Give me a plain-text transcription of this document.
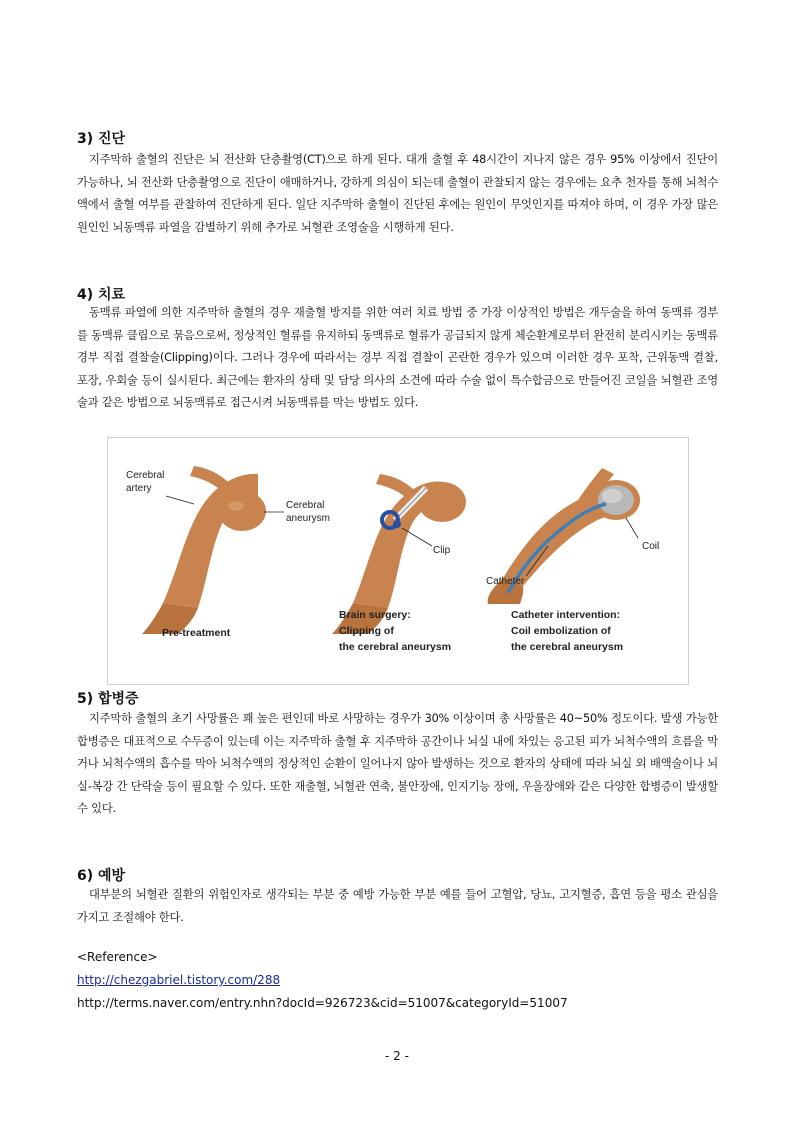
3) 진단

지주막하 출혈의 진단은 뇌 전산화 단층촬영(CT)으로 하게 된다. 대개 출혈 후 48시간이 지나지 않은 경우 95% 이상에서 진단이 가능하나, 뇌 전산화 단층촬영으로 진단이 애매하거나, 강하게 의심이 되는데 출혈이 관찰되지 않는 경우에는 요추 천자를 통해 뇌척수액에서 출혈 여부를 관찰하여 진단하게 된다. 일단 지주막하 출혈이 진단된 후에는 원인이 무엇인지를 따져야 하며, 이 경우 가장 많은 원인인 뇌동맥류 파열을 감별하기 위해 추가로 뇌혈관 조영술을 시행하게 된다.

4) 치료

동맥류 파열에 의한 지주막하 출혈의 경우 재출혈 방지를 위한 여러 치료 방법 중 가장 이상적인 방법은 개두술을 하여 동맥류 경부를 동맥류 클립으로 묶음으로써, 정상적인 혈류를 유지하되 동맥류로 혈류가 공급되지 않게 체순환계로부터 완전히 분리시키는 동맥류 경부 직접 결찰술(Clipping)이다. 그러나 경우에 따라서는 경부 직접 결찰이 곤란한 경우가 있으며 이러한 경우 포착, 근위동맥 결찰, 포장, 우회술 등이 실시된다. 최근에는 환자의 상태 및 담당 의사의 소견에 따라 수술 없이 특수합금으로 만들어진 코일을 뇌혈관 조영술과 같은 방법으로 뇌동맥류로 접근시켜 뇌동맥류를 막는 방법도 있다.

Cerebral
artery
Cerebral
aneurysm
Pre-treatment
Clip
Brain surgery:
Clipping of
the cerebral aneurysm
Coil
Catheter
Catheter intervention:
Coil embolization of
the cerebral aneurysm
5) 합병증

지주막하 출혈의 초기 사망률은 꽤 높은 편인데 바로 사망하는 경우가 30% 이상이며 총 사망률은 40~50% 정도이다. 발생 가능한 합병증은 대표적으로 수두증이 있는데 이는 지주막하 출혈 후 지주막하 공간이나 뇌실 내에 차있는 응고된 피가 뇌척수액의 흐름을 막거나 뇌척수액의 흡수를 막아 뇌척수액의 정상적인 순환이 일어나지 않아 발생하는 것으로 환자의 상태에 따라 뇌실 외 배액술이나 뇌실-복강 간 단락술 등이 필요할 수 있다. 또한 재출혈, 뇌혈관 연축, 불안장애, 인지기능 장애, 우울장애와 같은 다양한 합병증이 발생할 수 있다.

6) 예방

대부분의 뇌혈관 질환의 위험인자로 생각되는 부분 중 예방 가능한 부분 예를 들어 고혈압, 당뇨, 고지혈증, 흡연 등을 평소 관심을 가지고 조절해야 한다.

<Reference>
http://chezgabriel.tistory.com/288
http://terms.naver.com/entry.nhn?docId=926723&cid=51007&categoryId=51007
- 2 -
